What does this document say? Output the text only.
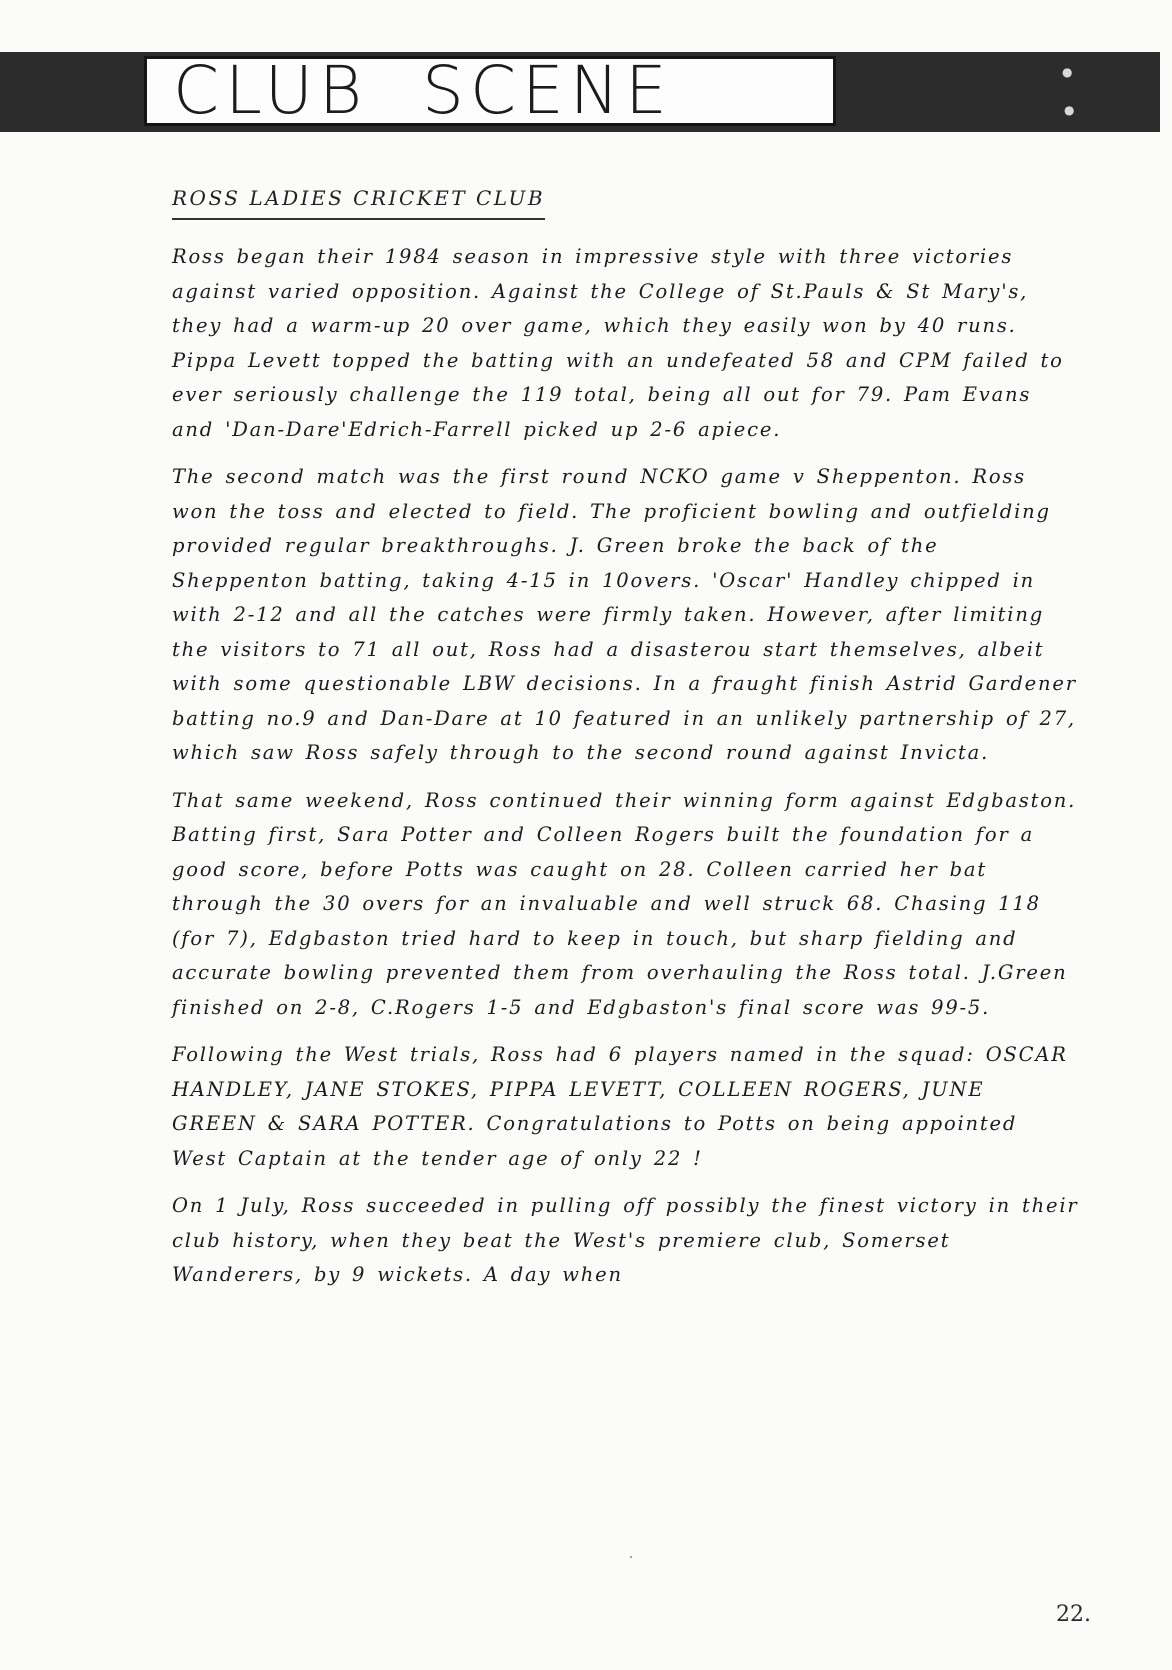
CLUB  SCENE	●
●
ROSS LADIES CRICKET CLUB

Ross began their 1984 season in impressive style with three victories against varied opposition. Against the College of St.Pauls & St Mary's, they had a warm-up 20 over game, which they easily won by 40 runs. Pippa Levett topped the batting with an undefeated 58 and CPM failed to ever seriously challenge the 119 total, being all out for 79. Pam Evans and 'Dan-Dare'Edrich-Farrell picked up 2-6 apiece.

The second match was the first round NCKO game v Sheppenton. Ross won the toss and elected to field. The proficient bowling and outfielding provided regular breakthroughs. J. Green broke the back of the Sheppenton batting, taking 4-15 in 10overs. 'Oscar' Handley chipped in with 2-12 and all the catches were firmly taken. However, after limiting the visitors to 71 all out, Ross had a disasterou start themselves, albeit with some questionable LBW decisions. In a fraught finish Astrid Gardener batting no.9 and Dan-Dare at 10 featured in an unlikely partnership of 27, which saw Ross safely through to the second round against Invicta.

That same weekend, Ross continued their winning form against Edgbaston. Batting first, Sara Potter and Colleen Rogers built the foundation for a good score, before Potts was caught on 28. Colleen carried her bat through the 30 overs for an invaluable and well struck 68. Chasing 118 (for 7), Edgbaston tried hard to keep in touch, but sharp fielding and accurate bowling prevented them from overhauling the Ross total. J.Green finished on 2-8, C.Rogers 1-5 and Edgbaston's final score was 99-5.

Following the West trials, Ross had 6 players named in the squad: OSCAR HANDLEY, JANE STOKES, PIPPA LEVETT, COLLEEN ROGERS, JUNE GREEN & SARA POTTER. Congratulations to Potts on being appointed West Captain at the tender age of only 22 !

On 1 July, Ross succeeded in pulling off possibly the finest victory in their club history, when they beat the West's premiere club, Somerset Wanderers, by 9 wickets. A day when

22.
